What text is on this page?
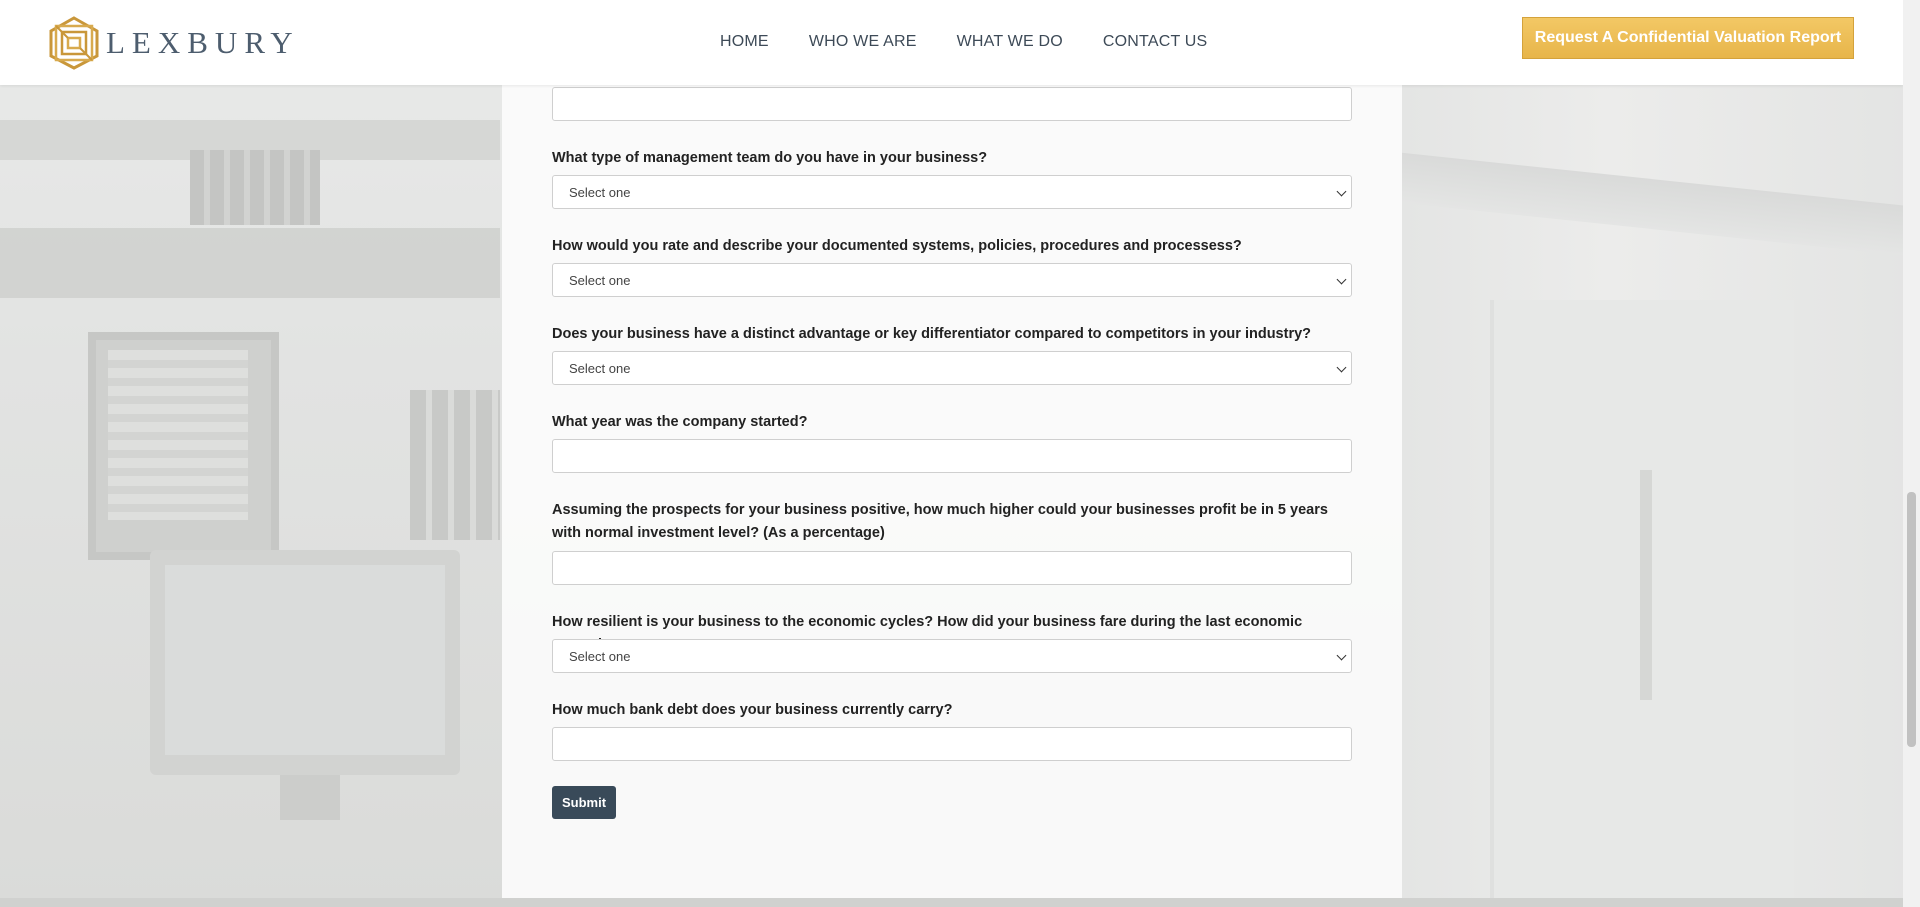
LEXBURY	HOME	WHO WE ARE	WHAT WE DO	CONTACT US	Request A Confidential Valuation Report
What type of management team do you have in your business?
Select one
How would you rate and describe your documented systems, policies, procedures and processess?
Select one
Does your business have a distinct advantage or key differentiator compared to competitors in your industry?
Select one
What year was the company started?
Assuming the prospects for your business positive, how much higher could your businesses profit be in 5 years with normal investment level? (As a percentage)
How resilient is your business to the economic cycles? How did your business fare during the last economic
Select one
How much bank debt does your business currently carry?
Submit
